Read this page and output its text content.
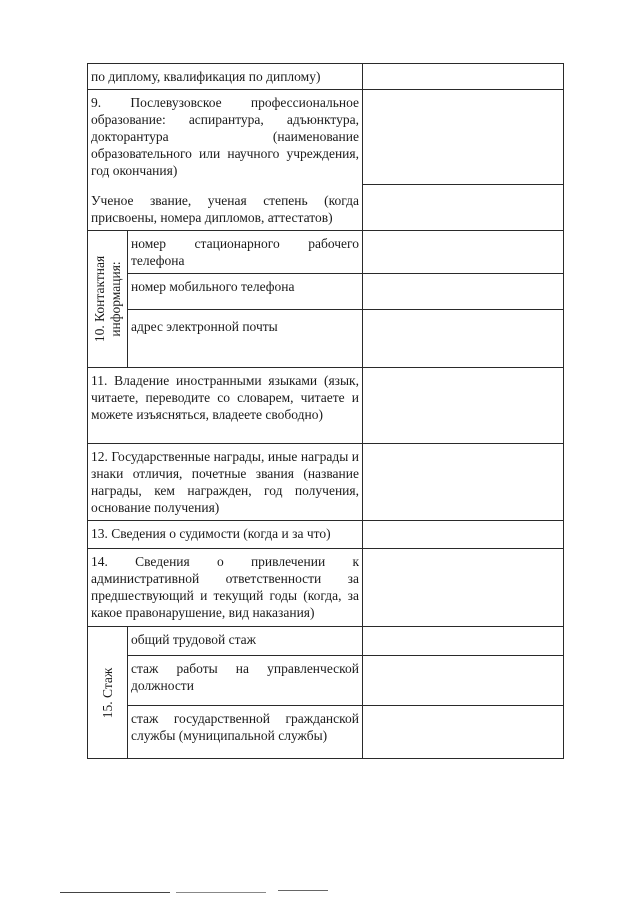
по диплому, квалификация по диплому)		

9. Послевузовское профессиональное образование: аспирантура, адъюнктура, докторантура (наименование образовательного или научного учреждения, год окончания)
Ученое звание, ученая степень (когда присвоены, номера дипломов, аттестатов)		

10. Контактная информация:	номер стационарного рабочего телефона	

	номер мобильного телефона	

	адрес электронной почты	

11. Владение иностранными языками (язык, читаете, переводите со словарем, читаете и можете изъясняться, владеете свободно)		

12. Государственные награды, иные награды и знаки отличия, почетные звания (название награды, кем награжден, год получения, основание получения)		

13. Сведения о судимости (когда и за что)		

14. Сведения о привлечении к административной ответственности за предшествующий и текущий годы (когда, за какое правонарушение, вид наказания)		

15. Стаж	общий трудовой стаж	

	стаж работы на управленческой должности	

	стаж государственной гражданской службы (муниципальной службы)	
